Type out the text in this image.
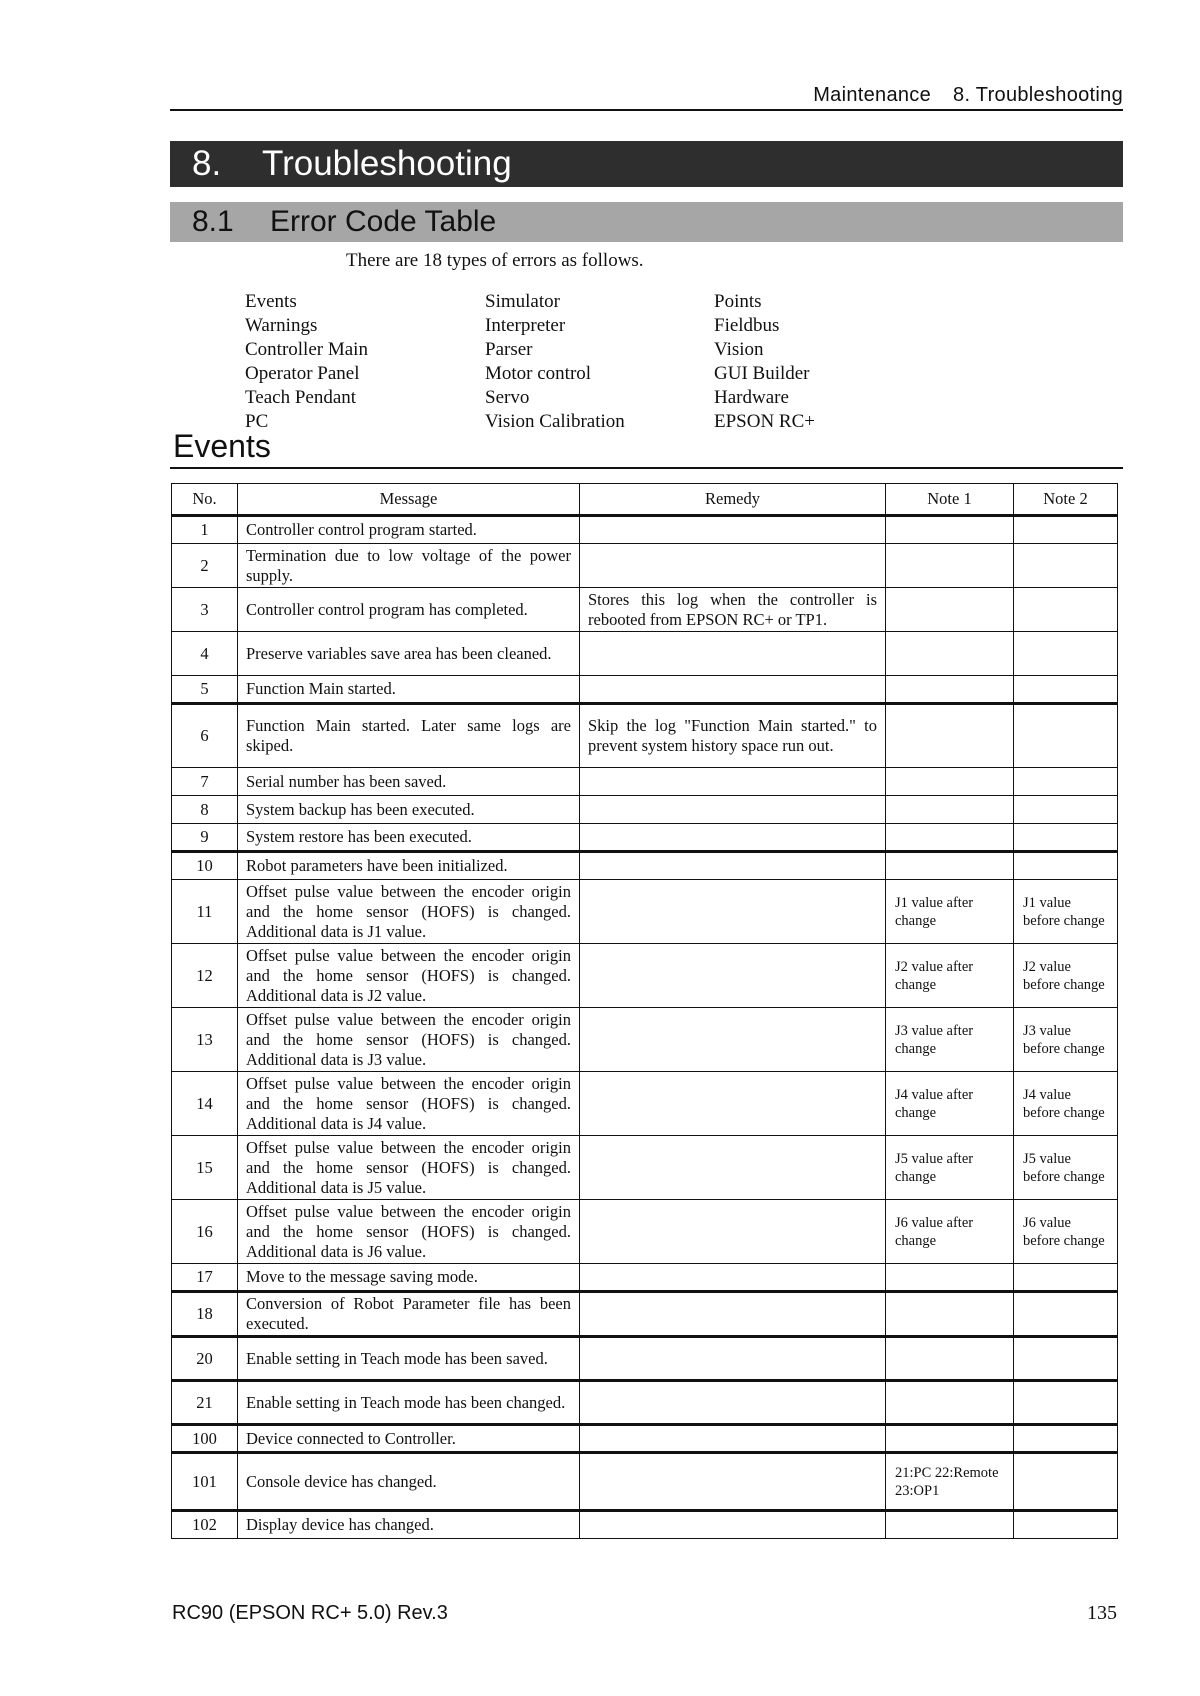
Maintenance 8. Troubleshooting
8. Troubleshooting
8.1 Error Code Table
There are 18 types of errors as follows.
Events
Warnings
Controller Main
Operator Panel
Teach Pendant
PC
Simulator
Interpreter
Parser
Motor control
Servo
Vision Calibration
Points
Fieldbus
Vision
GUI Builder
Hardware
EPSON RC+
Events
No.	Message	Remedy	Note 1	Note 2
1	Controller control program started.			
2	Termination due to low voltage of the power supply.			
3	Controller control program has completed.	Stores this log when the controller is rebooted from EPSON RC+ or TP1.		
4	Preserve variables save area has been cleaned.			
5	Function Main started.			
6	Function Main started. Later same logs are skiped.	Skip the log "Function Main started." to prevent system history space run out.		
7	Serial number has been saved.			
8	System backup has been executed.			
9	System restore has been executed.			
10	Robot parameters have been initialized.			
11	Offset pulse value between the encoder origin and the home sensor (HOFS) is changed. Additional data is J1 value.		J1 value after change	J1 value before change
12	Offset pulse value between the encoder origin and the home sensor (HOFS) is changed. Additional data is J2 value.		J2 value after change	J2 value before change
13	Offset pulse value between the encoder origin and the home sensor (HOFS) is changed. Additional data is J3 value.		J3 value after change	J3 value before change
14	Offset pulse value between the encoder origin and the home sensor (HOFS) is changed. Additional data is J4 value.		J4 value after change	J4 value before change
15	Offset pulse value between the encoder origin and the home sensor (HOFS) is changed. Additional data is J5 value.		J5 value after change	J5 value before change
16	Offset pulse value between the encoder origin and the home sensor (HOFS) is changed. Additional data is J6 value.		J6 value after change	J6 value before change
17	Move to the message saving mode.			
18	Conversion of Robot Parameter file has been executed.			
20	Enable setting in Teach mode has been saved.			
21	Enable setting in Teach mode has been changed.			
100	Device connected to Controller.			
101	Console device has changed.		21:PC 22:Remote 23:OP1	
102	Display device has changed.			
RC90 (EPSON RC+ 5.0) Rev.3	135
